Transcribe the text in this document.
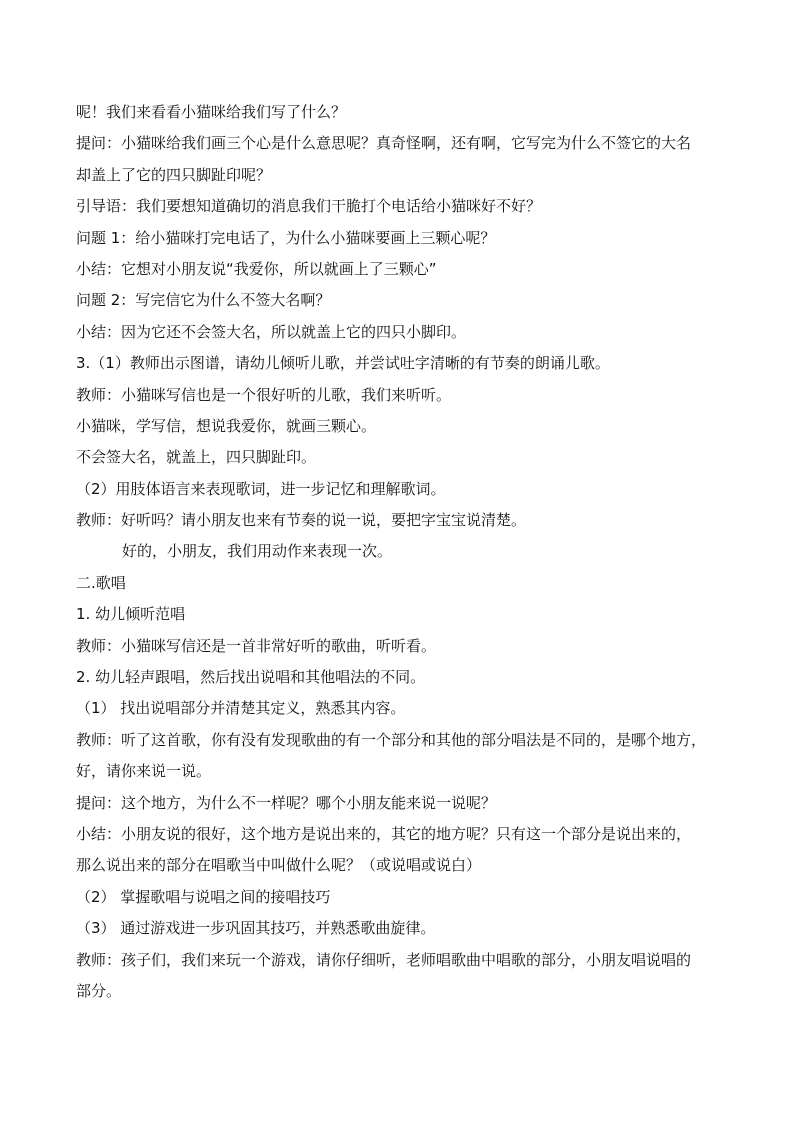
呢！我们来看看小猫咪给我们写了什么？
提问：小猫咪给我们画三个心是什么意思呢？真奇怪啊，还有啊，它写完为什么不签它的大名
却盖上了它的四只脚趾印呢？
引导语：我们要想知道确切的消息我们干脆打个电话给小猫咪好不好？
问题 1：给小猫咪打完电话了，为什么小猫咪要画上三颗心呢？
小结：它想对小朋友说“我爱你，所以就画上了三颗心”
问题 2：写完信它为什么不签大名啊？
小结：因为它还不会签大名，所以就盖上它的四只小脚印。
3.（1）教师出示图谱，请幼儿倾听儿歌，并尝试吐字清晰的有节奏的朗诵儿歌。
教师：小猫咪写信也是一个很好听的儿歌，我们来听听。
小猫咪，学写信，想说我爱你，就画三颗心。
不会签大名，就盖上，四只脚趾印。
（2）用肢体语言来表现歌词，进一步记忆和理解歌词。
教师：好听吗？请小朋友也来有节奏的说一说，要把字宝宝说清楚。
好的，小朋友，我们用动作来表现一次。
二.歌唱
1. 幼儿倾听范唱
教师：小猫咪写信还是一首非常好听的歌曲，听听看。
2. 幼儿轻声跟唱，然后找出说唱和其他唱法的不同。
（1） 找出说唱部分并清楚其定义，熟悉其内容。
教师：听了这首歌，你有没有发现歌曲的有一个部分和其他的部分唱法是不同的，是哪个地方，
好，请你来说一说。
提问：这个地方，为什么不一样呢？哪个小朋友能来说一说呢？
小结：小朋友说的很好，这个地方是说出来的，其它的地方呢？只有这一个部分是说出来的，
那么说出来的部分在唱歌当中叫做什么呢？（或说唱或说白）
（2） 掌握歌唱与说唱之间的接唱技巧
（3） 通过游戏进一步巩固其技巧，并熟悉歌曲旋律。
教师：孩子们，我们来玩一个游戏，请你仔细听，老师唱歌曲中唱歌的部分，小朋友唱说唱的
部分。
